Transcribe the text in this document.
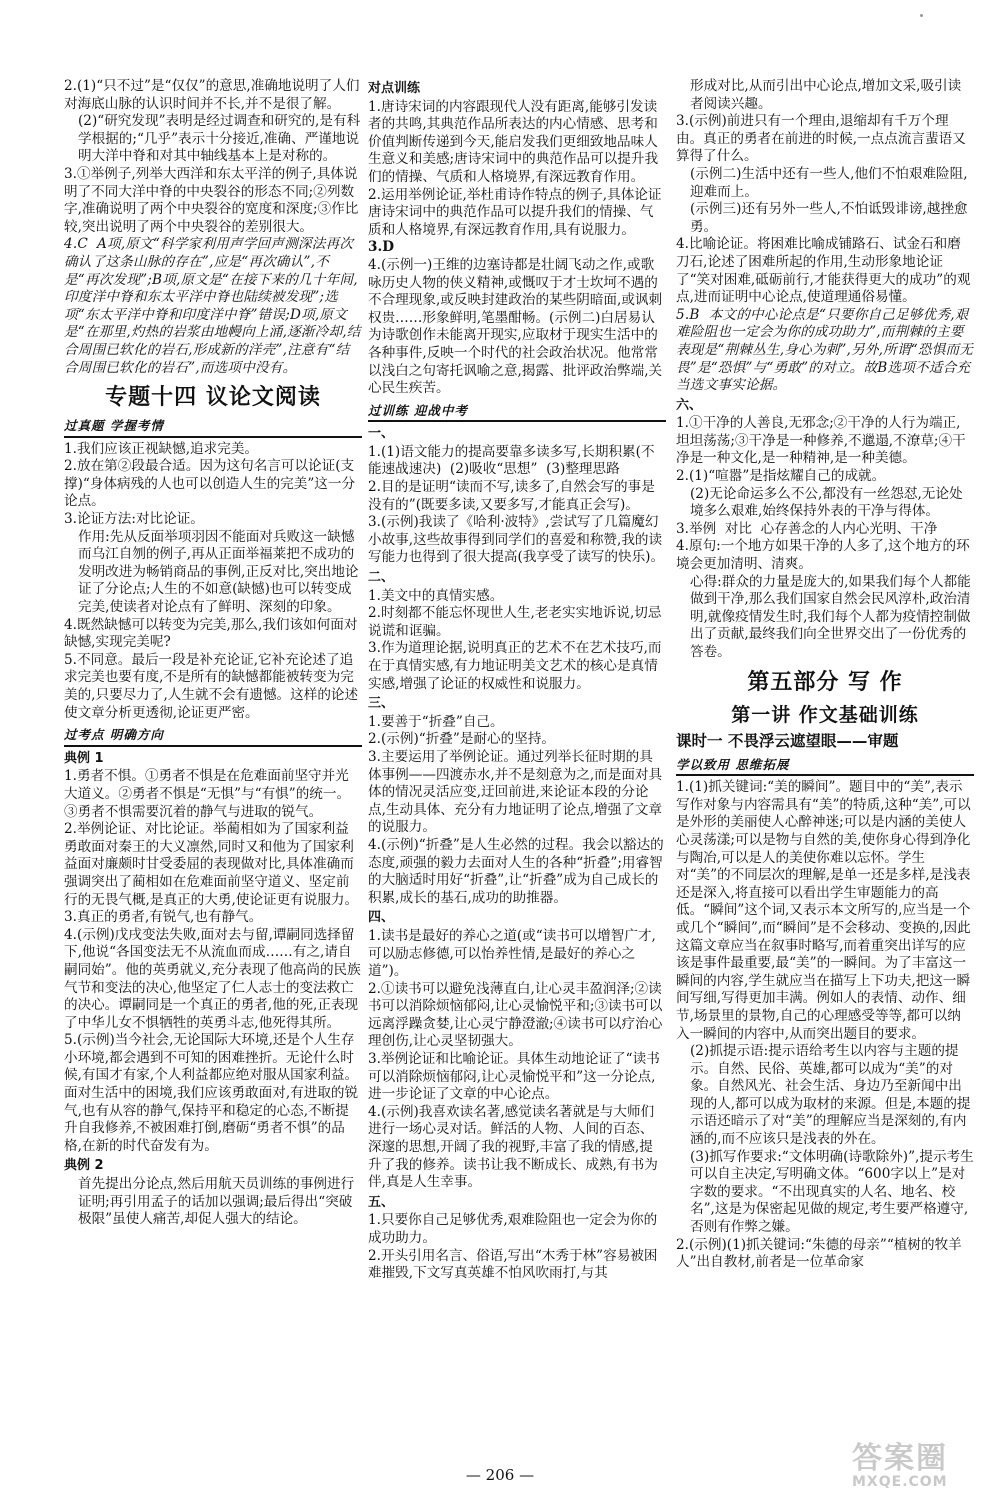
2.(1)“只不过”是“仅仅”的意思,准确地说明了人们对海底山脉的认识时间并不长,并不是很了解。
(2)“研究发现”表明是经过调查和研究的,是有科学根据的;“几乎”表示十分接近,准确、严谨地说明大洋中脊和对其中轴线基本上是对称的。
3.①举例子,列举大西洋和东太平洋的例子,具体说明了不同大洋中脊的中央裂谷的形态不同;②列数字,准确说明了两个中央裂谷的宽度和深度;③作比较,突出说明了两个中央裂谷的差别很大。
4.C  A项,原文“科学家利用声学回声测深法再次确认了这条山脉的存在”,应是“再次确认”,不是“再次发现”;B项,原文是“在接下来的几十年间,印度洋中脊和东太平洋中脊也陆续被发现”;选项“东太平洋中脊和印度洋中脊”错误;D项,原文是“在那里,灼热的岩浆由地幔向上涌,逐渐冷却,结合周围已软化的岩石,形成新的洋壳”,注意有“结合周围已软化的岩石”,而选项中没有。
专题十四 议论文阅读
过真题 学握考情
1.我们应该正视缺憾,追求完美。
2.放在第②段最合适。因为这句名言可以论证(支撑)“身体病残的人也可以创造人生的完美”这一分论点。
3.论证方法:对比论证。
作用:先从反面举项羽因不能面对兵败这一缺憾而乌江自刎的例子,再从正面举福莱把不成功的发明改进为畅销商品的事例,正反对比,突出地论证了分论点;人生的不如意(缺憾)也可以转变成完美,使读者对论点有了鲜明、深刻的印象。
4.既然缺憾可以转变为完美,那么,我们该如何面对缺憾,实现完美呢?
5.不同意。最后一段是补充论证,它补充论述了追求完美也要有度,不是所有的缺憾都能被转变为完美的,只要尽力了,人生就不会有遗憾。这样的论述使文章分析更透彻,论证更严密。
过考点 明确方向
典例 1
1.勇者不惧。①勇者不惧是在危难面前坚守并光大道义。②勇者不惧是“无惧”与“有惧”的统一。③勇者不惧需要沉着的静气与进取的锐气。
2.举例论证、对比论证。举蔺相如为了国家利益勇敢面对秦王的大义凛然,同时又和他为了国家利益面对廉颇时甘受委屈的表现做对比,具体准确而强调突出了蔺相如在危难面前坚守道义、坚定前行的无畏气概,是真正的大勇,使论证更有说服力。
3.真正的勇者,有锐气,也有静气。
4.(示例)戊戌变法失败,面对去与留,谭嗣同选择留下,他说“各国变法无不从流血而成……有之,请自嗣同始”。他的英勇就义,充分表现了他高尚的民族气节和变法的决心,他坚定了仁人志士的变法救亡的决心。谭嗣同是一个真正的勇者,他的死,正表现了中华儿女不惧牺牲的英勇斗志,他死得其所。
5.(示例)当今社会,无论国际大环境,还是个人生存小环境,都会遇到不可知的困难挫折。无论什么时候,有国才有家,个人利益都应绝对服从国家利益。面对生活中的困境,我们应该勇敢面对,有进取的锐气,也有从容的静气,保持平和稳定的心态,不断提升自我修养,不被困难打倒,磨砺“勇者不惧”的品格,在新的时代奋发有为。
典例 2
首先提出分论点,然后用航天员训练的事例进行证明;再引用孟子的话加以强调;最后得出“突破极限”虽使人痛苦,却促人强大的结论。
对点训练
1.唐诗宋词的内容跟现代人没有距离,能够引发读者的共鸣,其典范作品所表达的内心情感、思考和价值判断传递到今天,能启发我们更细致地品味人生意义和美感;唐诗宋词中的典范作品可以提升我们的情操、气质和人格境界,有深远教育作用。
2.运用举例论证,举杜甫诗作特点的例子,具体论证唐诗宋词中的典范作品可以提升我们的情操、气质和人格境界,有深远教育作用,具有说服力。
3.D
4.(示例一)王维的边塞诗都是壮阔飞动之作,或歌咏历史人物的侠义精神,或慨叹于才士坎坷不遇的不合理现象,或反映封建政治的某些阴暗面,或讽刺权贵……形象鲜明,笔墨酣畅。(示例二)白居易认为诗歌创作未能离开现实,应取材于现实生活中的各种事件,反映一个时代的社会政治状况。他常常以浅白之句寄托讽喻之意,揭露、批评政治弊端,关心民生疾苦。
过训练 迎战中考
一、
1.(1)语文能力的提高要靠多读多写,长期积累(不能速战速决)  (2)吸收“思想”  (3)整理思路
2.目的是证明“读而不写,读多了,自然会写的事是没有的”(既要多读,又要多写,才能真正会写)。
3.(示例)我读了《哈利·波特》,尝试写了几篇魔幻小故事,这些故事得到同学们的喜爱和称赞,我的读写能力也得到了很大提高(我享受了读写的快乐)。
二、
1.美文中的真情实感。
2.时刻都不能忘怀现世人生,老老实实地诉说,切忌说谎和诓骗。
3.作为道理论据,说明真正的艺术不在艺术技巧,而在于真情实感,有力地证明美文艺术的核心是真情实感,增强了论证的权威性和说服力。
三、
1.要善于“折叠”自己。
2.(示例)“折叠”是耐心的坚持。
3.主要运用了举例论证。通过列举长征时期的具体事例——四渡赤水,并不是刻意为之,而是面对具体的情况灵活应变,迂回前进,来论证本段的分论点,生动具体、充分有力地证明了论点,增强了文章的说服力。
4.(示例)“折叠”是人生必然的过程。我会以豁达的态度,顽强的毅力去面对人生的各种“折叠”;用睿智的大脑适时用好“折叠”,让“折叠”成为自己成长的积累,成长的基石,成功的助推器。
四、
1.读书是最好的养心之道(或“读书可以增智广才,可以励志修德,可以怡养性情,是最好的养心之道”)。
2.①读书可以避免浅薄直白,让心灵丰盈润泽;②读书可以消除烦恼郁闷,让心灵愉悦平和;③读书可以远离浮躁贪婪,让心灵宁静澄澈;④读书可以疗治心理创伤,让心灵坚韧强大。
3.举例论证和比喻论证。具体生动地论证了“读书可以消除烦恼郁闷,让心灵愉悦平和”这一分论点,进一步论证了文章的中心论点。
4.(示例)我喜欢读名著,感觉读名著就是与大师们进行一场心灵对话。鲜活的人物、人间的百态、深邃的思想,开阔了我的视野,丰富了我的情感,提升了我的修养。读书让我不断成长、成熟,有书为伴,真是人生幸事。
五、
1.只要你自己足够优秀,艰难险阻也一定会为你的成功助力。
2.开头引用名言、俗语,写出“木秀于林”容易被困难摧毁,下文写真英雄不怕风吹雨打,与其
形成对比,从而引出中心论点,增加文采,吸引读者阅读兴趣。
3.(示例)前进只有一个理由,退缩却有千万个理由。真正的勇者在前进的时候,一点点流言蜚语又算得了什么。
(示例二)生活中还有一些人,他们不怕艰难险阻,迎难而上。
(示例三)还有另外一些人,不怕诋毁诽谤,越挫愈勇。
4.比喻论证。将困难比喻成铺路石、试金石和磨刀石,论述了困难所起的作用,生动形象地论证了“笑对困难,砥砺前行,才能获得更大的成功”的观点,进而证明中心论点,使道理通俗易懂。
5.B  本文的中心论点是“只要你自己足够优秀,艰难险阻也一定会为你的成功助力”,而荆棘的主要表现是“荆棘丛生,身心为刺”,另外,所谓“恐惧而无畏”是“恐惧”与“勇敢”的对立。故B选项不适合充当选文事实论据。
六、
1.①干净的人善良,无邪念;②干净的人行为端正,坦坦荡荡;③干净是一种修养,不邋遢,不潦草;④干净是一种文化,是一种精神,是一种美德。
2.(1)“喧嚣”是指炫耀自己的成就。
(2)无论命运多么不公,都没有一丝怨怼,无论处境多么艰难,始终保持外表的干净与得体。
3.举例  对比  心存善念的人内心光明、干净
4.原句:一个地方如果干净的人多了,这个地方的环境会更加清明、清爽。
心得:群众的力量是庞大的,如果我们每个人都能做到干净,那么我们国家自然会民风淳朴,政治清明,就像疫情发生时,我们每个人都为疫情控制做出了贡献,最终我们向全世界交出了一份优秀的答卷。
第五部分 写 作
第一讲 作文基础训练
课时一 不畏浮云遮望眼——审题
学以致用 思维拓展
1.(1)抓关键词:“美的瞬间”。题目中的“美”,表示写作对象与内容需具有“美”的特质,这种“美”,可以是外形的美丽使人心醉神迷;可以是内涵的美使人心灵荡漾;可以是物与自然的美,使你身心得到净化与陶冶,可以是人的美使你难以忘怀。学生对“美”的不同层次的理解,是单一还是多样,是浅表还是深入,将直接可以看出学生审题能力的高低。“瞬间”这个词,又表示本文所写的,应当是一个或几个“瞬间”,而“瞬间”是不会移动、变换的,因此这篇文章应当在叙事时略写,而着重突出详写的应该是事件最重要,最“美”的一瞬间。为了丰富这一瞬间的内容,学生就应当在描写上下功夫,把这一瞬间写细,写得更加丰满。例如人的表情、动作、细节,场景里的景物,自己的心理感受等等,都可以纳入一瞬间的内容中,从而突出题目的要求。
(2)抓提示语:提示语给考生以内容与主题的提示。自然、民俗、英雄,都可以成为“美”的对象。自然风光、社会生活、身边乃至新闻中出现的人,都可以成为取材的来源。但是,本题的提示语还暗示了对“美”的理解应当是深刻的,有内涵的,而不应该只是浅表的外在。
(3)抓写作要求:“文体明确(诗歌除外)”,提示考生可以自主决定,写明确文体。“600字以上”是对字数的要求。“不出现真实的人名、地名、校名”,这是为保密起见做的规定,考生要严格遵守,否则有作弊之嫌。
2.(示例)(1)抓关键词:“朱德的母亲”“植树的牧羊人”出自教材,前者是一位革命家
— 206 —	答案圈
MXQE.COM
